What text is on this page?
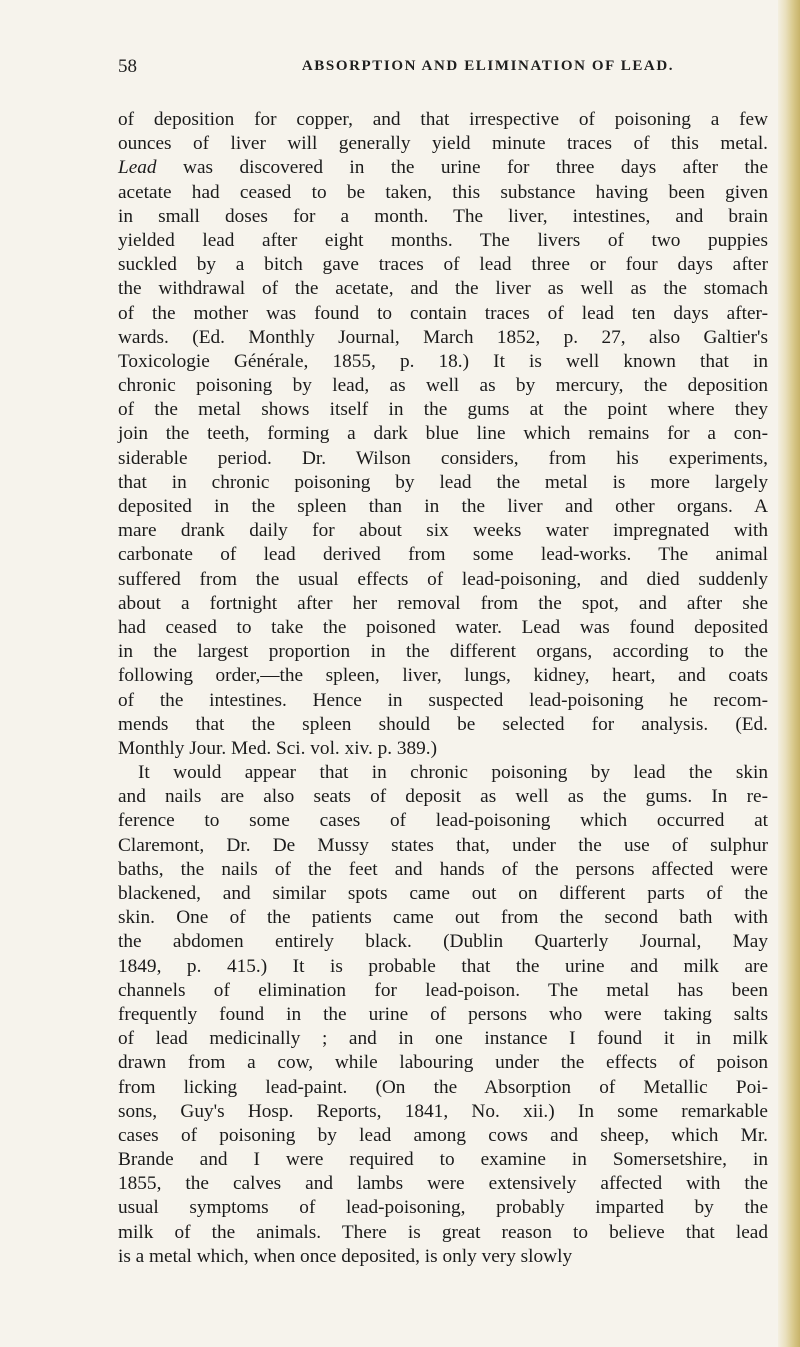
58	ABSORPTION AND ELIMINATION OF LEAD.
of deposition for copper, and that irrespective of poisoning a few
ounces of liver will generally yield minute traces of this metal.
Lead was discovered in the urine for three days after the
acetate had ceased to be taken, this substance having been given
in small doses for a month. The liver, intestines, and brain
yielded lead after eight months. The livers of two puppies
suckled by a bitch gave traces of lead three or four days after
the withdrawal of the acetate, and the liver as well as the stomach
of the mother was found to contain traces of lead ten days after-
wards. (Ed. Monthly Journal, March 1852, p. 27, also Galtier's
Toxicologie Générale, 1855, p. 18.) It is well known that in
chronic poisoning by lead, as well as by mercury, the deposition
of the metal shows itself in the gums at the point where they
join the teeth, forming a dark blue line which remains for a con-
siderable period. Dr. Wilson considers, from his experiments,
that in chronic poisoning by lead the metal is more largely
deposited in the spleen than in the liver and other organs. A
mare drank daily for about six weeks water impregnated with
carbonate of lead derived from some lead-works. The animal
suffered from the usual effects of lead-poisoning, and died suddenly
about a fortnight after her removal from the spot, and after she
had ceased to take the poisoned water. Lead was found deposited
in the largest proportion in the different organs, according to the
following order,—the spleen, liver, lungs, kidney, heart, and coats
of the intestines. Hence in suspected lead-poisoning he recom-
mends that the spleen should be selected for analysis. (Ed.
Monthly Jour. Med. Sci. vol. xiv. p. 389.)
It would appear that in chronic poisoning by lead the skin
and nails are also seats of deposit as well as the gums. In re-
ference to some cases of lead-poisoning which occurred at
Claremont, Dr. De Mussy states that, under the use of sulphur
baths, the nails of the feet and hands of the persons affected were
blackened, and similar spots came out on different parts of the
skin. One of the patients came out from the second bath with
the abdomen entirely black. (Dublin Quarterly Journal, May
1849, p. 415.) It is probable that the urine and milk are
channels of elimination for lead-poison. The metal has been
frequently found in the urine of persons who were taking salts
of lead medicinally ; and in one instance I found it in milk
drawn from a cow, while labouring under the effects of poison
from licking lead-paint. (On the Absorption of Metallic Poi-
sons, Guy's Hosp. Reports, 1841, No. xii.) In some remarkable
cases of poisoning by lead among cows and sheep, which Mr.
Brande and I were required to examine in Somersetshire, in
1855, the calves and lambs were extensively affected with the
usual symptoms of lead-poisoning, probably imparted by the
milk of the animals. There is great reason to believe that lead
is a metal which, when once deposited, is only very slowly
